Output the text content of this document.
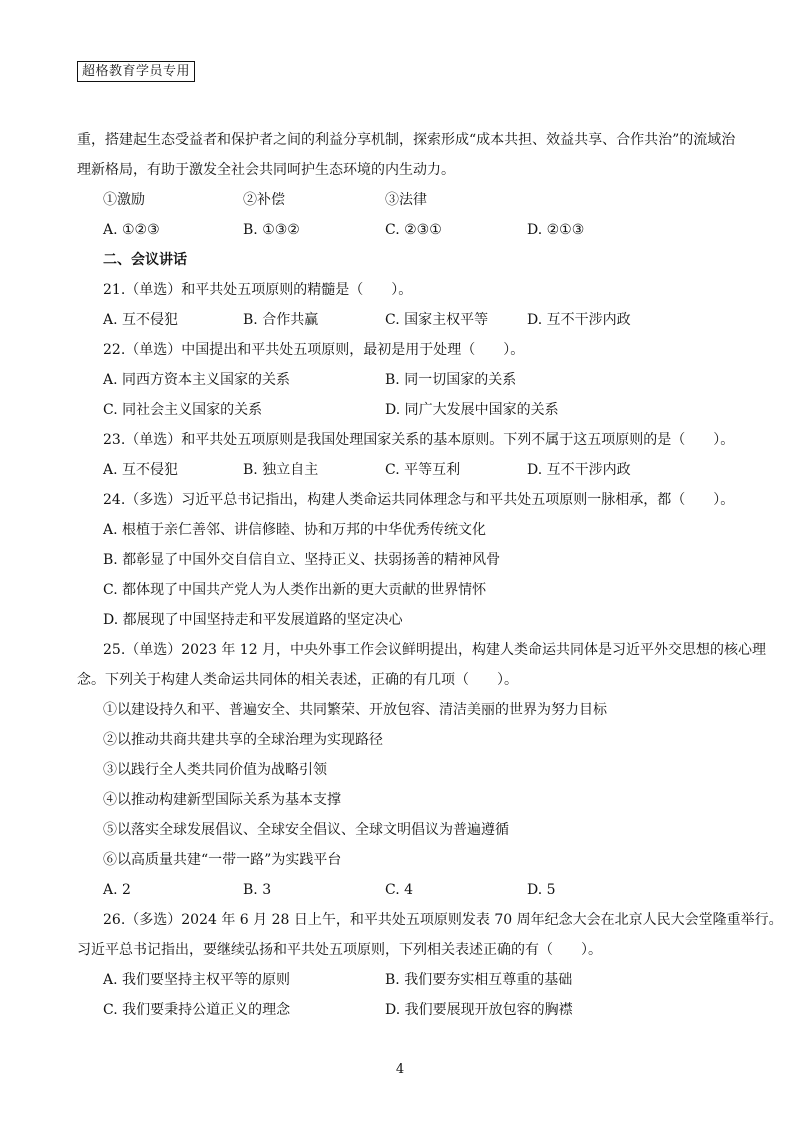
超格教育学员专用
重，搭建起生态受益者和保护者之间的利益分享机制，探索形成“成本共担、效益共享、合作共治”的流域治
理新格局，有助于激发全社会共同呵护生态环境的内生动力。
①激励	②补偿	③法律
A. ①②③	B. ①③②	C. ②③①	D. ②①③
二、会议讲话
21.（单选）和平共处五项原则的精髓是（　　）。
A. 互不侵犯	B. 合作共赢	C. 国家主权平等	D. 互不干涉内政
22.（单选）中国提出和平共处五项原则，最初是用于处理（　　）。
A. 同西方资本主义国家的关系	B. 同一切国家的关系
C. 同社会主义国家的关系	D. 同广大发展中国家的关系
23.（单选）和平共处五项原则是我国处理国家关系的基本原则。下列不属于这五项原则的是（　　）。
A. 互不侵犯	B. 独立自主	C. 平等互利	D. 互不干涉内政
24.（多选）习近平总书记指出，构建人类命运共同体理念与和平共处五项原则一脉相承，都（　　）。
A. 根植于亲仁善邻、讲信修睦、协和万邦的中华优秀传统文化
B. 都彰显了中国外交自信自立、坚持正义、扶弱扬善的精神风骨
C. 都体现了中国共产党人为人类作出新的更大贡献的世界情怀
D. 都展现了中国坚持走和平发展道路的坚定决心
25.（单选）2023 年 12 月，中央外事工作会议鲜明提出，构建人类命运共同体是习近平外交思想的核心理
念。下列关于构建人类命运共同体的相关表述，正确的有几项（　　）。
①以建设持久和平、普遍安全、共同繁荣、开放包容、清洁美丽的世界为努力目标
②以推动共商共建共享的全球治理为实现路径
③以践行全人类共同价值为战略引领
④以推动构建新型国际关系为基本支撑
⑤以落实全球发展倡议、全球安全倡议、全球文明倡议为普遍遵循
⑥以高质量共建“一带一路”为实践平台
A. 2	B. 3	C. 4	D. 5
26.（多选）2024 年 6 月 28 日上午，和平共处五项原则发表 70 周年纪念大会在北京人民大会堂隆重举行。
习近平总书记指出，要继续弘扬和平共处五项原则，下列相关表述正确的有（　　）。
A. 我们要坚持主权平等的原则	B. 我们要夯实相互尊重的基础
C. 我们要秉持公道正义的理念	D. 我们要展现开放包容的胸襟
4
